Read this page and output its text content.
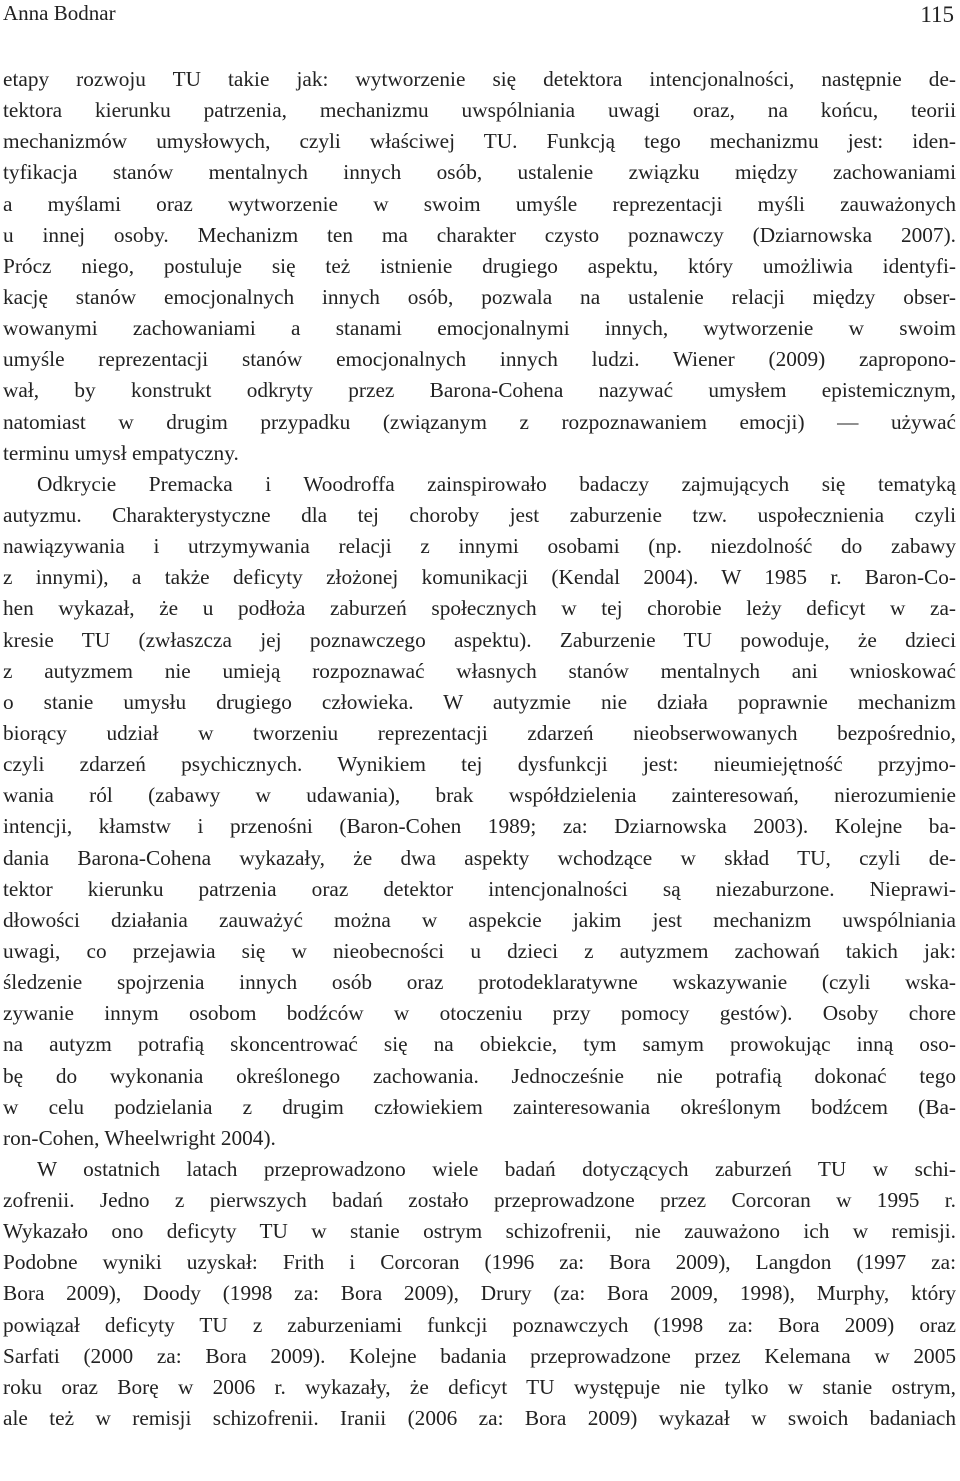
Anna Bodnar	115
etapy rozwoju TU takie jak: wytworzenie się detektora intencjonalności, następnie de-
tektora kierunku patrzenia, mechanizmu uwspólniania uwagi oraz, na końcu, teorii
mechanizmów umysłowych, czyli właściwej TU. Funkcją tego mechanizmu jest: iden-
tyfikacja stanów mentalnych innych osób, ustalenie związku między zachowaniami
a myślami oraz wytworzenie w swoim umyśle reprezentacji myśli zauważonych
u innej osoby. Mechanizm ten ma charakter czysto poznawczy (Dziarnowska 2007).
Prócz niego, postuluje się też istnienie drugiego aspektu, który umożliwia identyfi-
kację stanów emocjonalnych innych osób, pozwala na ustalenie relacji między obser-
wowanymi zachowaniami a stanami emocjonalnymi innych, wytworzenie w swoim
umyśle reprezentacji stanów emocjonalnych innych ludzi. Wiener (2009) zapropono-
wał, by konstrukt odkryty przez Barona-Cohena nazywać umysłem epistemicznym,
natomiast w drugim przypadku (związanym z rozpoznawaniem emocji) — używać
terminu umysł empatyczny.
Odkrycie Premacka i Woodroffa zainspirowało badaczy zajmujących się tematyką
autyzmu. Charakterystyczne dla tej choroby jest zaburzenie tzw. uspołecznienia czyli
nawiązywania i utrzymywania relacji z innymi osobami (np. niezdolność do zabawy
z innymi), a także deficyty złożonej komunikacji (Kendal 2004). W 1985 r. Baron-Co-
hen wykazał, że u podłoża zaburzeń społecznych w tej chorobie leży deficyt w za-
kresie TU (zwłaszcza jej poznawczego aspektu). Zaburzenie TU powoduje, że dzieci
z autyzmem nie umieją rozpoznawać własnych stanów mentalnych ani wnioskować
o stanie umysłu drugiego człowieka. W autyzmie nie działa poprawnie mechanizm
biorący udział w tworzeniu reprezentacji zdarzeń nieobserwowanych bezpośrednio,
czyli zdarzeń psychicznych. Wynikiem tej dysfunkcji jest: nieumiejętność przyjmo-
wania ról (zabawy w udawania), brak współdzielenia zainteresowań, nierozumienie
intencji, kłamstw i przenośni (Baron-Cohen 1989; za: Dziarnowska 2003). Kolejne ba-
dania Barona-Cohena wykazały, że dwa aspekty wchodzące w skład TU, czyli de-
tektor kierunku patrzenia oraz detektor intencjonalności są niezaburzone. Nieprawi-
dłowości działania zauważyć można w aspekcie jakim jest mechanizm uwspólniania
uwagi, co przejawia się w nieobecności u dzieci z autyzmem zachowań takich jak:
śledzenie spojrzenia innych osób oraz protodeklaratywne wskazywanie (czyli wska-
zywanie innym osobom bodźców w otoczeniu przy pomocy gestów). Osoby chore
na autyzm potrafią skoncentrować się na obiekcie, tym samym prowokując inną oso-
bę do wykonania określonego zachowania. Jednocześnie nie potrafią dokonać tego
w celu podzielania z drugim człowiekiem zainteresowania określonym bodźcem (Ba-
ron-Cohen, Wheelwright 2004).
W ostatnich latach przeprowadzono wiele badań dotyczących zaburzeń TU w schi-
zofrenii. Jedno z pierwszych badań zostało przeprowadzone przez Corcoran w 1995 r.
Wykazało ono deficyty TU w stanie ostrym schizofrenii, nie zauważono ich w remisji.
Podobne wyniki uzyskał: Frith i Corcoran (1996 za: Bora 2009), Langdon (1997 za:
Bora 2009), Doody (1998 za: Bora 2009), Drury (za: Bora 2009, 1998), Murphy, który
powiązał deficyty TU z zaburzeniami funkcji poznawczych (1998 za: Bora 2009) oraz
Sarfati (2000 za: Bora 2009). Kolejne badania przeprowadzone przez Kelemana w 2005
roku oraz Borę w 2006 r. wykazały, że deficyt TU występuje nie tylko w stanie ostrym,
ale też w remisji schizofrenii. Iranii (2006 za: Bora 2009) wykazał w swoich badaniach
